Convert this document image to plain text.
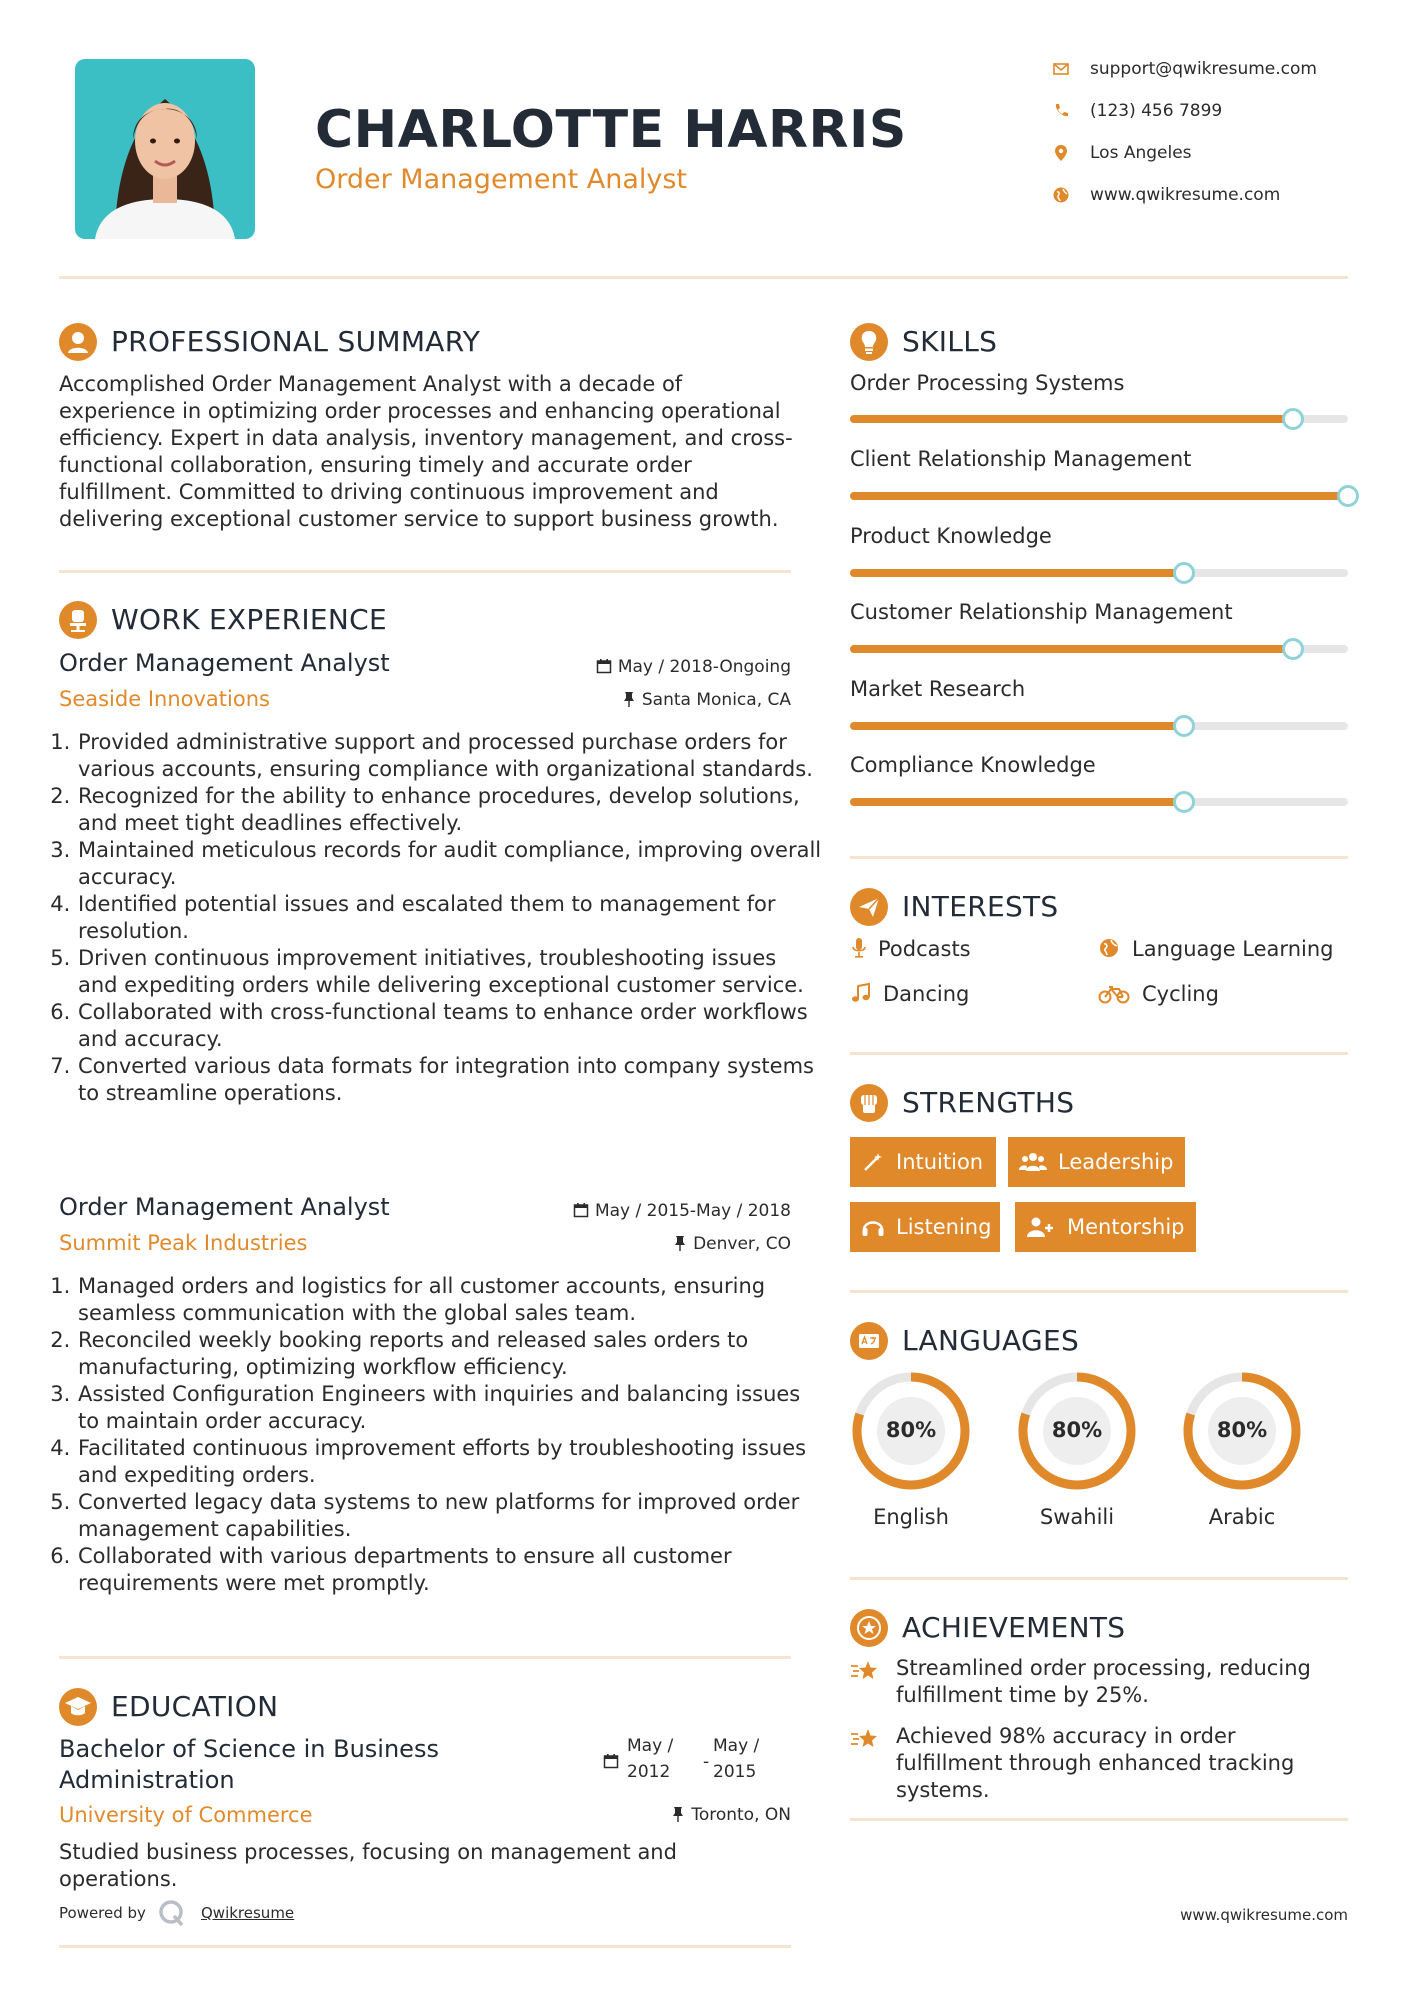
CHARLOTTE HARRIS
Order Management Analyst
support@qwikresume.com
(123) 456 7899
Los Angeles
www.qwikresume.com
PROFESSIONAL SUMMARY
Accomplished Order Management Analyst with a decade of experience in optimizing order processes and enhancing operational efficiency. Expert in data analysis, inventory management, and cross-functional collaboration, ensuring timely and accurate order fulfillment. Committed to driving continuous improvement and delivering exceptional customer service to support business growth.
WORK EXPERIENCE
Order Management Analyst
Seaside Innovations
May / 2018-Ongoing
Santa Monica, CA
1. Provided administrative support and processed purchase orders for various accounts, ensuring compliance with organizational standards.
2. Recognized for the ability to enhance procedures, develop solutions, and meet tight deadlines effectively.
3. Maintained meticulous records for audit compliance, improving overall accuracy.
4. Identified potential issues and escalated them to management for resolution.
5. Driven continuous improvement initiatives, troubleshooting issues and expediting orders while delivering exceptional customer service.
6. Collaborated with cross-functional teams to enhance order workflows and accuracy.
7. Converted various data formats for integration into company systems to streamline operations.
Order Management Analyst
Summit Peak Industries
May / 2015-May / 2018
Denver, CO
1. Managed orders and logistics for all customer accounts, ensuring seamless communication with the global sales team.
2. Reconciled weekly booking reports and released sales orders to manufacturing, optimizing workflow efficiency.
3. Assisted Configuration Engineers with inquiries and balancing issues to maintain order accuracy.
4. Facilitated continuous improvement efforts by troubleshooting issues and expediting orders.
5. Converted legacy data systems to new platforms for improved order management capabilities.
6. Collaborated with various departments to ensure all customer requirements were met promptly.
EDUCATION
Bachelor of Science in Business Administration
University of Commerce
May /
2012 -
May /
2015
Toronto, ON
Studied business processes, focusing on management and operations.
Powered by	Qwikresume
SKILLS
Order Processing Systems
Client Relationship Management
Product Knowledge
Customer Relationship Management
Market Research
Compliance Knowledge
INTERESTS
Podcasts	Language Learning
Dancing	Cycling
STRENGTHS
Intuition	Leadership
Listening	Mentorship
LANGUAGES
80%
English
80%
Swahili
80%
Arabic
ACHIEVEMENTS
Streamlined order processing, reducing fulfillment time by 25%.
Achieved 98% accuracy in order fulfillment through enhanced tracking systems.
www.qwikresume.com
